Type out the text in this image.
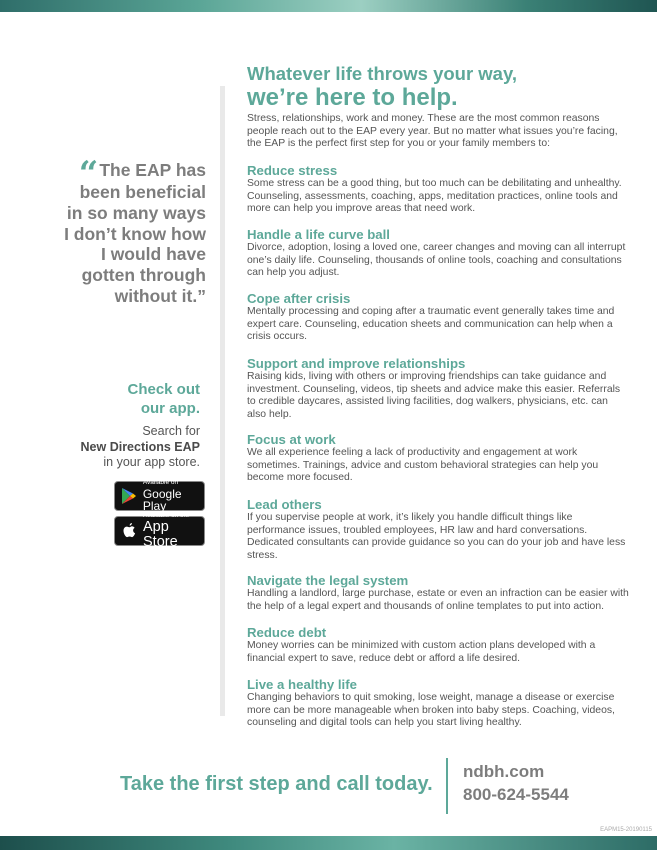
Whatever life throws your way,
we’re here to help.

Stress, relationships, work and money. These are the most common reasons people reach out to the EAP every year. But no matter what issues you’re facing, the EAP is the perfect first step for you or your family members to:

“The EAP has
been beneficial
in so many ways
I don’t know how
I would have
gotten through
without it.”
Check out
our app.
Search for
New Directions EAP
in your app store.
Available on
Google Play
Available on the
App Store
Reduce stress

Some stress can be a good thing, but too much can be debilitating and unhealthy. Counseling, assessments, coaching, apps, meditation practices, online tools and more can help you improve areas that need work.

Handle a life curve ball

Divorce, adoption, losing a loved one, career changes and moving can all interrupt one’s daily life. Counseling, thousands of online tools, coaching and consultations can help you adjust.

Cope after crisis

Mentally processing and coping after a traumatic event generally takes time and expert care. Counseling, education sheets and communication can help when a crisis occurs.

Support and improve relationships

Raising kids, living with others or improving friendships can take guidance and investment. Counseling, videos, tip sheets and advice make this easier. Referrals to credible daycares, assisted living facilities, dog walkers, physicians, etc. can also help.

Focus at work

We all experience feeling a lack of productivity and engagement at work sometimes. Trainings, advice and custom behavioral strategies can help you become more focused.

Lead others

If you supervise people at work, it’s likely you handle difficult things like performance issues, troubled employees, HR law and hard conversations. Dedicated consultants can provide guidance so you can do your job and have less stress.

Navigate the legal system

Handling a landlord, large purchase, estate or even an infraction can be easier with the help of a legal expert and thousands of online templates to put into action.

Reduce debt

Money worries can be minimized with custom action plans developed with a financial expert to save, reduce debt or afford a life desired.

Live a healthy life

Changing behaviors to quit smoking, lose weight, manage a disease or exercise more can be more manageable when broken into baby steps. Coaching, videos, counseling and digital tools can help you start living healthy.

Take the first step and call today.
ndbh.com
800-624-5544
EAPM15-20190115
